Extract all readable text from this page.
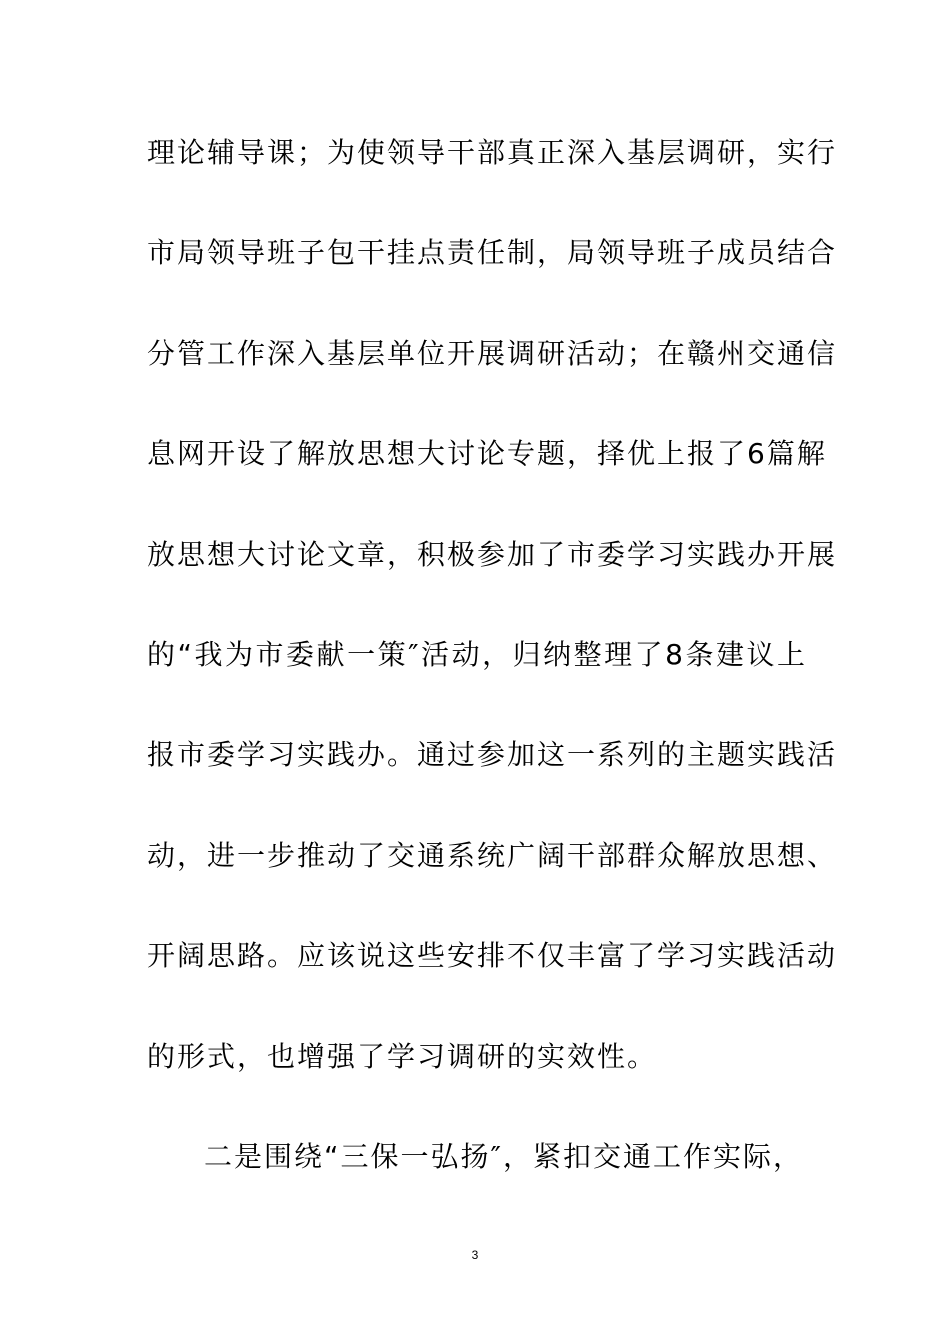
理论辅导课；为使领导干部真正深入基层调研，实行
市局领导班子包干挂点责任制，局领导班子成员结合
分管工作深入基层单位开展调研活动；在赣州交通信
息网开设了解放思想大讨论专题，择优上报了6篇解
放思想大讨论文章，积极参加了市委学习实践办开展
的“我为市委献一策″活动，归纳整理了8条建议上
报市委学习实践办。通过参加这一系列的主题实践活
动，进一步推动了交通系统广阔干部群众解放思想、
开阔思路。应该说这些安排不仅丰富了学习实践活动
的形式，也增强了学习调研的实效性。
二是围绕“三保一弘扬″，紧扣交通工作实际，
3
